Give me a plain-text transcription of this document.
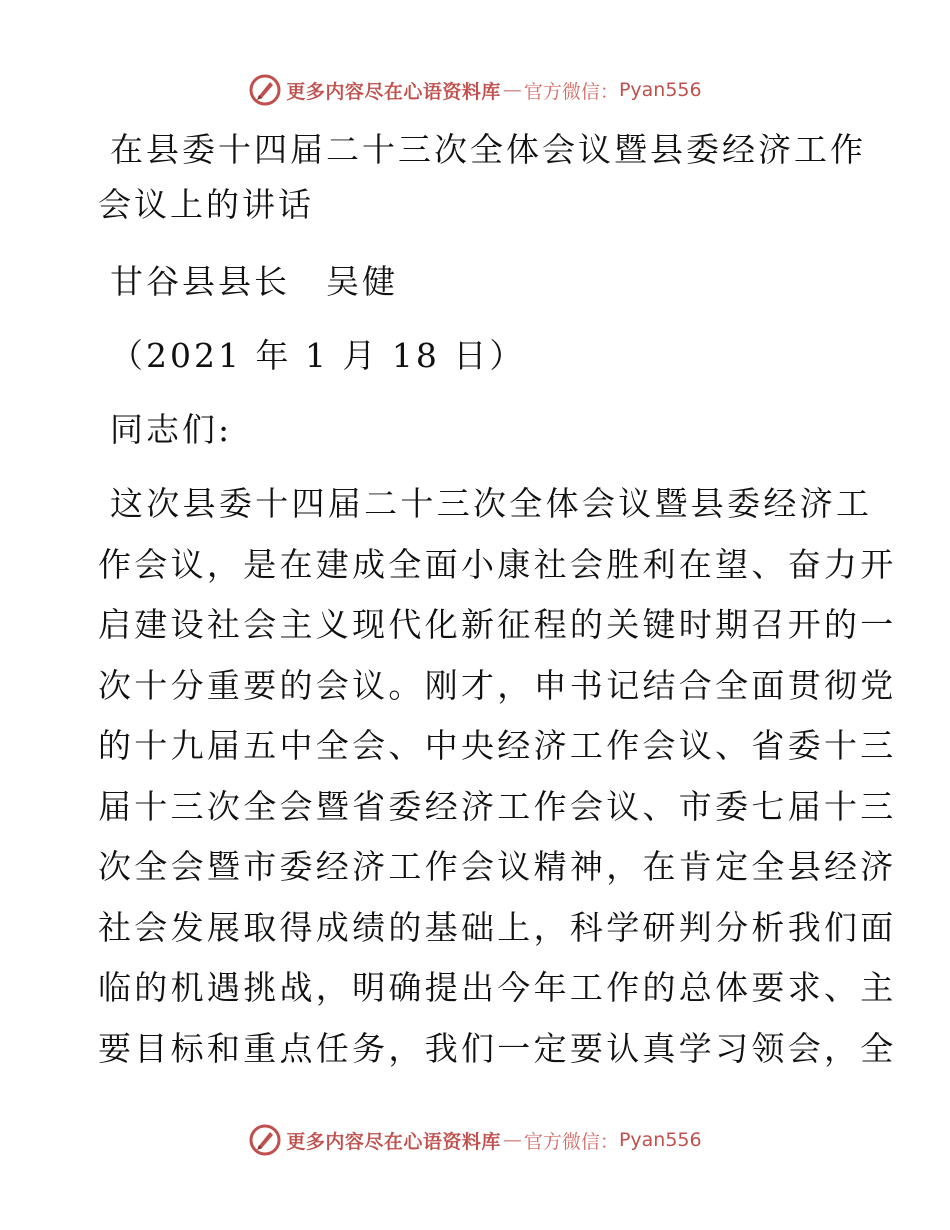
更多内容尽在心语资料库 — 官方微信： Pyan556
在县委十四届二十三次全体会议暨县委经济工作
会议上的讲话
甘谷县县长　吴健
（2021 年 1 月 18 日）
同志们:
这次县委十四届二十三次全体会议暨县委经济工
作会议，是在建成全面小康社会胜利在望、奋力开
启建设社会主义现代化新征程的关键时期召开的一
次十分重要的会议。刚才，申书记结合全面贯彻党
的十九届五中全会、中央经济工作会议、省委十三
届十三次全会暨省委经济工作会议、市委七届十三
次全会暨市委经济工作会议精神，在肯定全县经济
社会发展取得成绩的基础上，科学研判分析我们面
临的机遇挑战，明确提出今年工作的总体要求、主
要目标和重点任务，我们一定要认真学习领会，全
更多内容尽在心语资料库 — 官方微信： Pyan556
